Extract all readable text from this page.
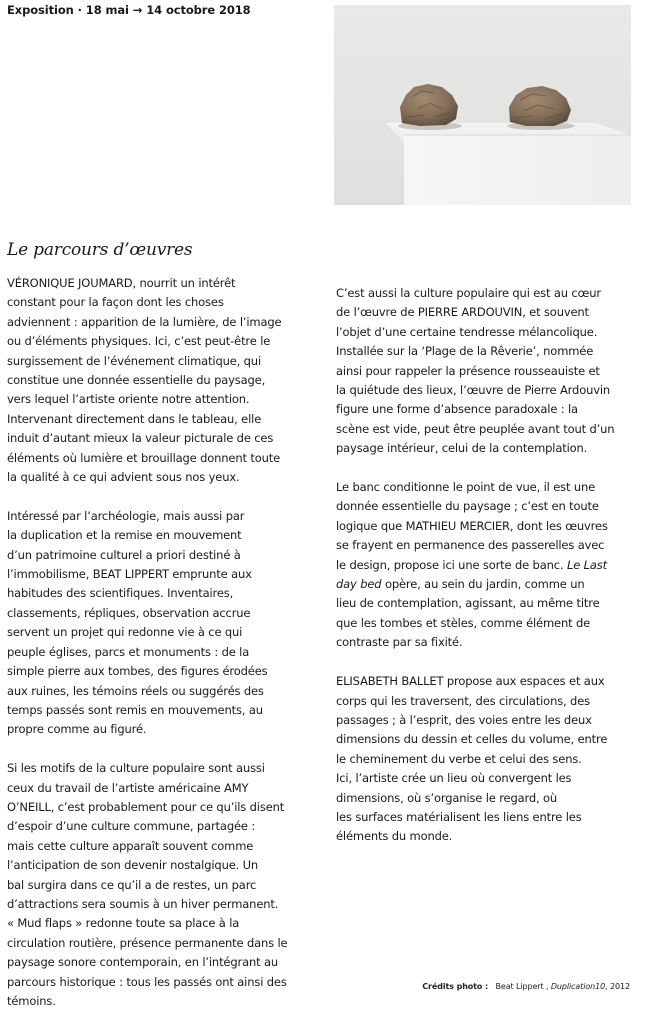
Exposition · 18 mai → 14 octobre 2018
Le parcours d’œuvres
VÉRONIQUE JOUMARD, nourrit un intérêt
constant pour la façon dont les choses
adviennent : apparition de la lumière, de l’image
ou d’éléments physiques. Ici, c’est peut-être le
surgissement de l’événement climatique, qui
constitue une donnée essentielle du paysage,
vers lequel l’artiste oriente notre attention.
Intervenant directement dans le tableau, elle
induit d’autant mieux la valeur picturale de ces
éléments où lumière et brouillage donnent toute
la qualité à ce qui advient sous nos yeux.
Intéressé par l’archéologie, mais aussi par
la duplication et la remise en mouvement
d’un patrimoine culturel a priori destiné à
l’immobilisme, BEAT LIPPERT emprunte aux
habitudes des scientifiques. Inventaires,
classements, répliques, observation accrue
servent un projet qui redonne vie à ce qui
peuple églises, parcs et monuments : de la
simple pierre aux tombes, des figures érodées
aux ruines, les témoins réels ou suggérés des
temps passés sont remis en mouvements, au
propre comme au figuré.
Si les motifs de la culture populaire sont aussi
ceux du travail de l’artiste américaine AMY
O’NEILL, c’est probablement pour ce qu’ils disent
d’espoir d’une culture commune, partagée :
mais cette culture apparaît souvent comme
l’anticipation de son devenir nostalgique. Un
bal surgira dans ce qu’il a de restes, un parc
d’attractions sera soumis à un hiver permanent.
« Mud flaps » redonne toute sa place à la
circulation routière, présence permanente dans le
paysage sonore contemporain, en l’intégrant au
parcours historique : tous les passés ont ainsi des
témoins.
C’est aussi la culture populaire qui est au cœur
de l’œuvre de PIERRE ARDOUVIN, et souvent
l’objet d’une certaine tendresse mélancolique.
Installée sur la ‘Plage de la Rêverie’, nommée
ainsi pour rappeler la présence rousseauiste et
la quiétude des lieux, l’œuvre de Pierre Ardouvin
figure une forme d’absence paradoxale : la
scène est vide, peut être peuplée avant tout d’un
paysage intérieur, celui de la contemplation.
Le banc conditionne le point de vue, il est une
donnée essentielle du paysage ; c’est en toute
logique que MATHIEU MERCIER, dont les œuvres
se frayent en permanence des passerelles avec
le design, propose ici une sorte de banc. Le Last
day bed opère, au sein du jardin, comme un
lieu de contemplation, agissant, au même titre
que les tombes et stèles, comme élément de
contraste par sa fixité.
ELISABETH BALLET propose aux espaces et aux
corps qui les traversent, des circulations, des
passages ; à l’esprit, des voies entre les deux
dimensions du dessin et celles du volume, entre
le cheminement du verbe et celui des sens.
Ici, l’artiste crée un lieu où convergent les
dimensions, où s’organise le regard, où
les surfaces matérialisent les liens entre les
éléments du monde.
Crédits photo : Beat Lippert , Duplication10, 2012
